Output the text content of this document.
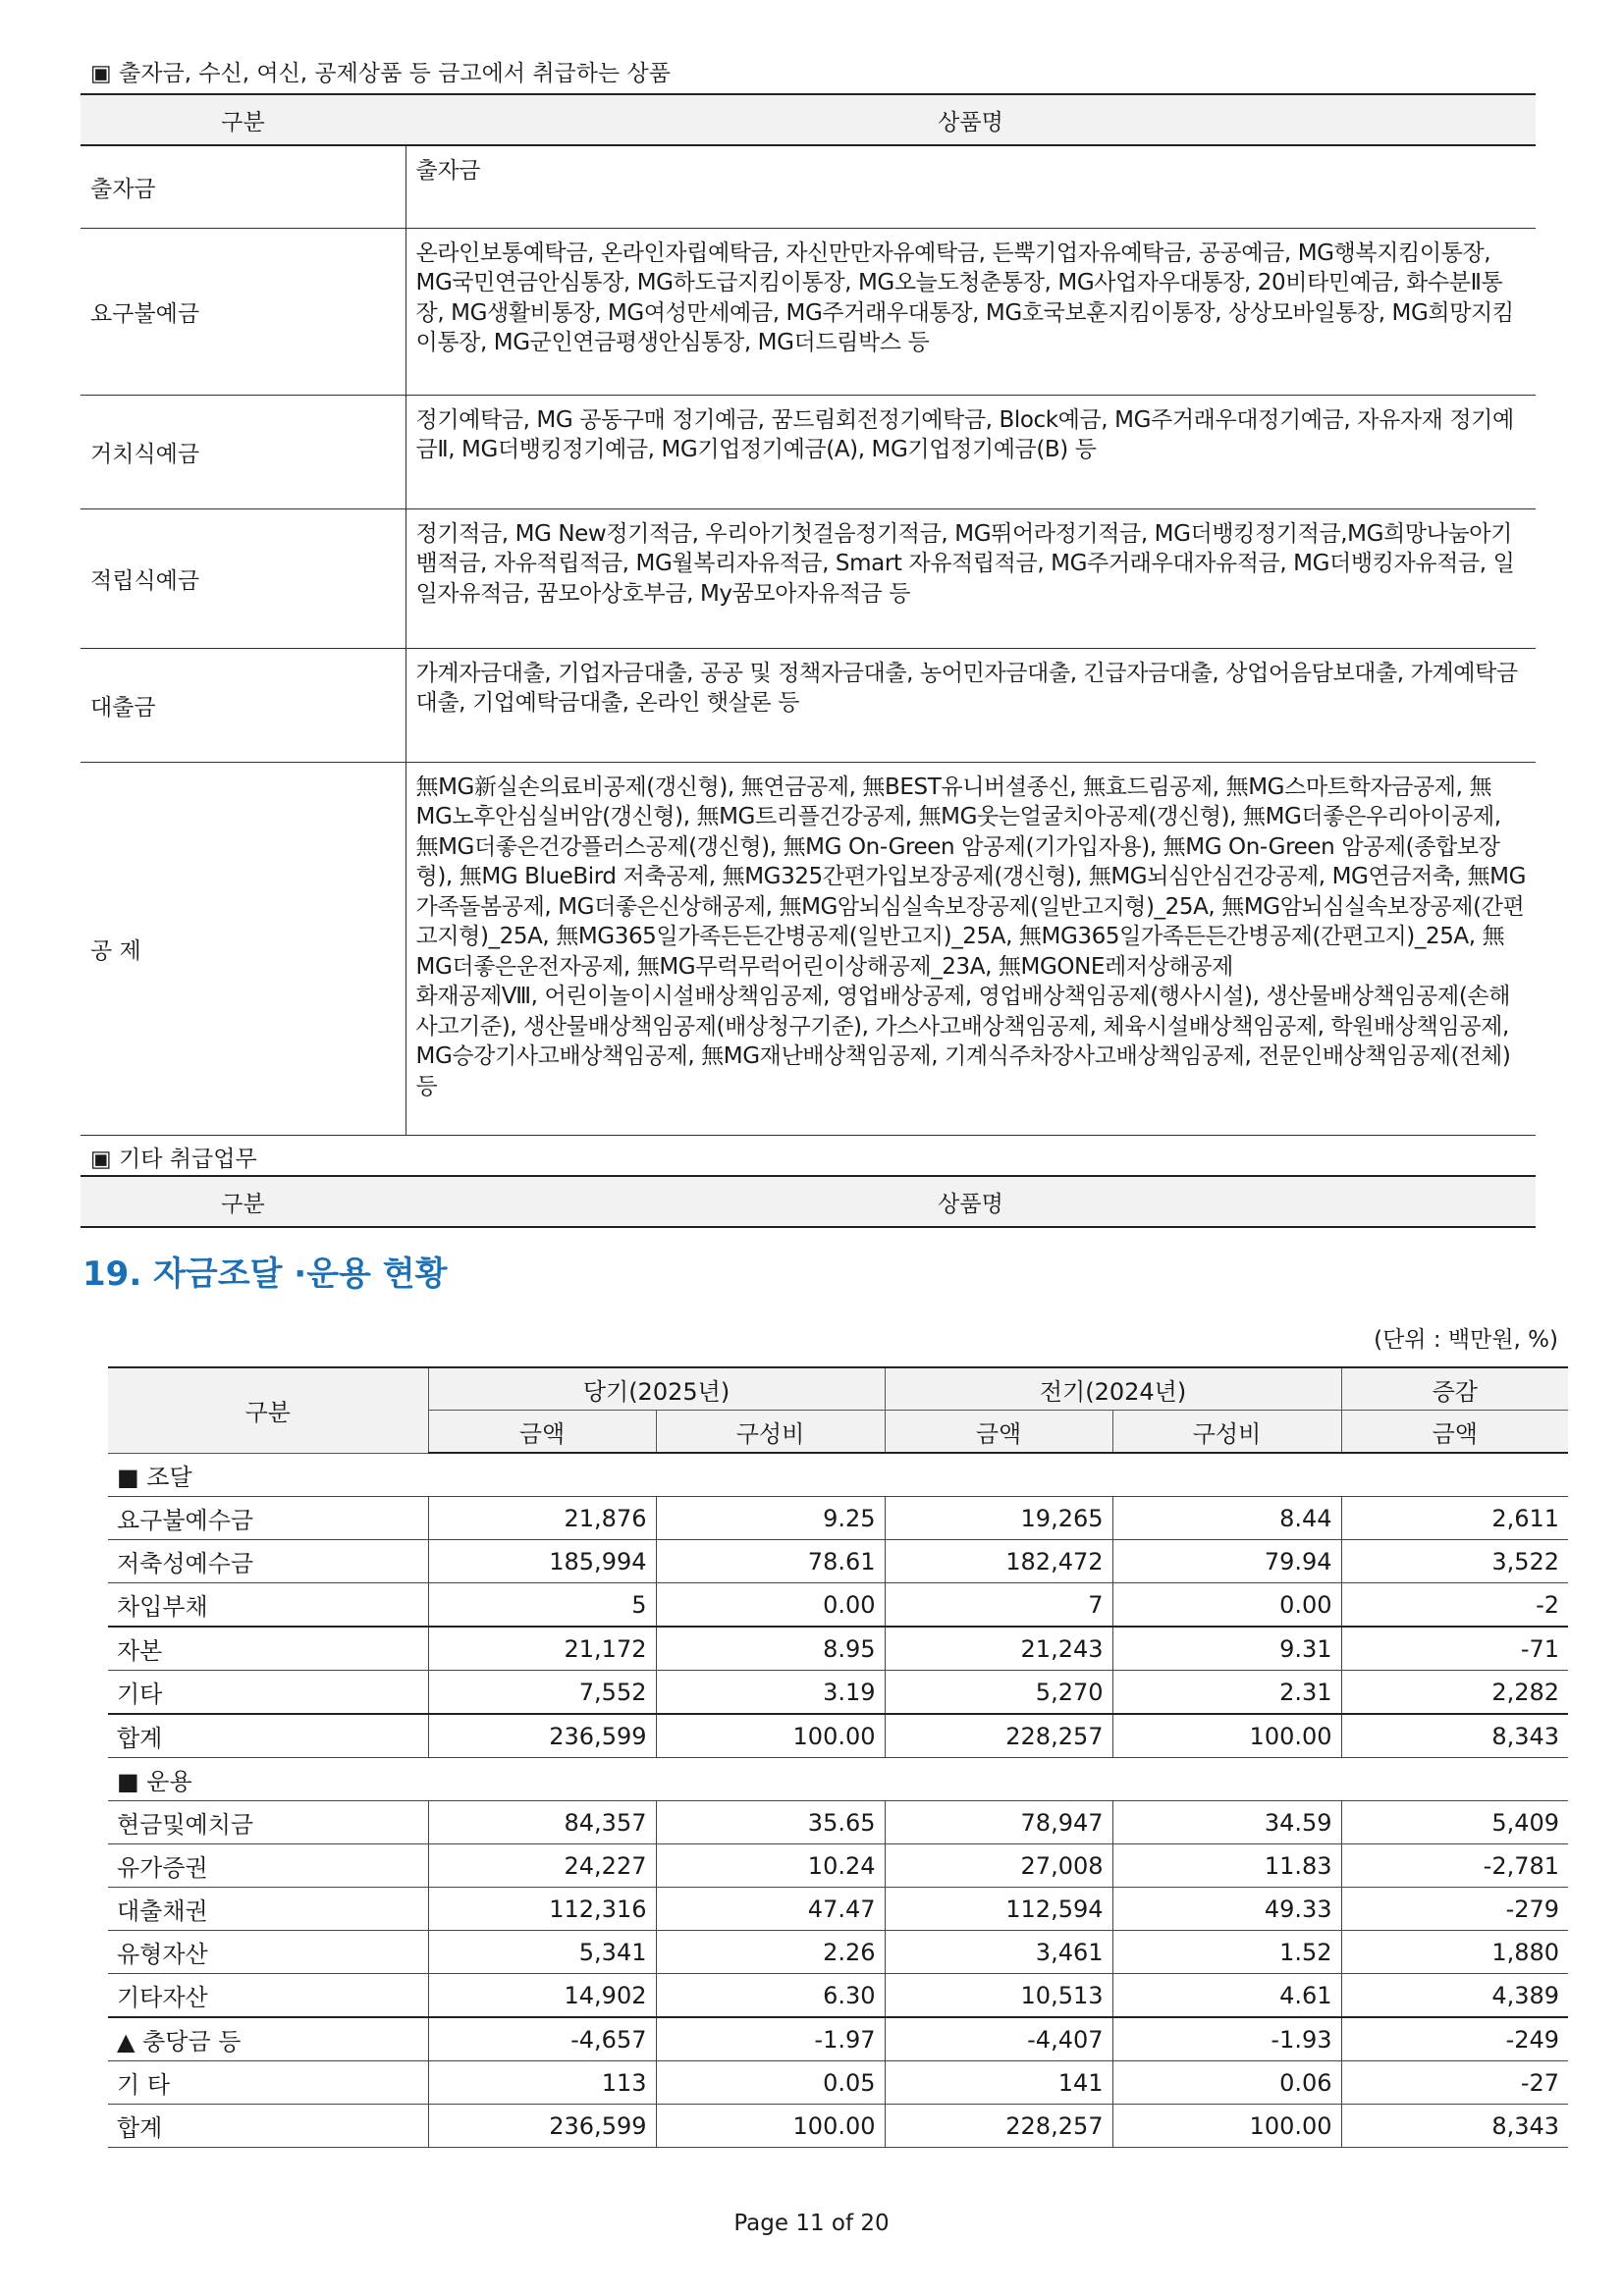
▣ 출자금, 수신, 여신, 공제상품 등 금고에서 취급하는 상품
구분	상품명
출자금	출자금
요구불예금	온라인보통예탁금, 온라인자립예탁금, 자신만만자유예탁금, 든뿍기업자유예탁금, 공공예금, MG행복지킴이통장, MG국민연금안심통장, MG하도급지킴이통장, MG오늘도청춘통장, MG사업자우대통장, 20비타민예금, 화수분Ⅱ통장, MG생활비통장, MG여성만세예금, MG주거래우대통장, MG호국보훈지킴이통장, 상상모바일통장, MG희망지킴이통장, MG군인연금평생안심통장, MG더드림박스 등
거치식예금	정기예탁금, MG 공동구매 정기예금, 꿈드림회전정기예탁금, Block예금, MG주거래우대정기예금, 자유자재 정기예금Ⅱ, MG더뱅킹정기예금, MG기업정기예금(A), MG기업정기예금(B) 등
적립식예금	정기적금, MG New정기적금, 우리아기첫걸음정기적금, MG뛰어라정기적금, MG더뱅킹정기적금,MG희망나눔아기뱀적금, 자유적립적금, MG월복리자유적금, Smart 자유적립적금, MG주거래우대자유적금, MG더뱅킹자유적금, 일일자유적금, 꿈모아상호부금, My꿈모아자유적금 등
대출금	가계자금대출, 기업자금대출, 공공 및 정책자금대출, 농어민자금대출, 긴급자금대출, 상업어음담보대출, 가계예탁금대출, 기업예탁금대출, 온라인 햇살론 등
공 제	無MG新실손의료비공제(갱신형), 無연금공제, 無BEST유니버셜종신, 無효드림공제, 無MG스마트학자금공제, 無MG노후안심실버암(갱신형), 無MG트리플건강공제, 無MG웃는얼굴치아공제(갱신형), 無MG더좋은우리아이공제, 無MG더좋은건강플러스공제(갱신형), 無MG On-Green 암공제(기가입자용), 無MG On-Green 암공제(종합보장형), 無MG BlueBird 저축공제, 無MG325간편가입보장공제(갱신형), 無MG뇌심안심건강공제, MG연금저축, 無MG가족돌봄공제, MG더좋은신상해공제, 無MG암뇌심실속보장공제(일반고지형)_25A, 無MG암뇌심실속보장공제(간편고지형)_25A, 無MG365일가족든든간병공제(일반고지)_25A, 無MG365일가족든든간병공제(간편고지)_25A, 無MG더좋은운전자공제, 無MG무럭무럭어린이상해공제_23A, 無MGONE레저상해공제
화재공제Ⅷ, 어린이놀이시설배상책임공제, 영업배상공제, 영업배상책임공제(행사시설), 생산물배상책임공제(손해사고기준), 생산물배상책임공제(배상청구기준), 가스사고배상책임공제, 체육시설배상책임공제, 학원배상책임공제, MG승강기사고배상책임공제, 無MG재난배상책임공제, 기계식주차장사고배상책임공제, 전문인배상책임공제(전체)등
▣ 기타 취급업무
구분	상품명
19. 자금조달 ·운용 현황
(단위 : 백만원, %)
구분	당기(2025년)		전기(2024년)		증감
	금액	구성비	금액	구성비	금액
■ 조달					
요구불예수금	21,876	9.25	19,265	8.44	2,611
저축성예수금	185,994	78.61	182,472	79.94	3,522
차입부채	5	0.00	7	0.00	-2
자본	21,172	8.95	21,243	9.31	-71
기타	7,552	3.19	5,270	2.31	2,282
합계	236,599	100.00	228,257	100.00	8,343
■ 운용					
현금및예치금	84,357	35.65	78,947	34.59	5,409
유가증권	24,227	10.24	27,008	11.83	-2,781
대출채권	112,316	47.47	112,594	49.33	-279
유형자산	5,341	2.26	3,461	1.52	1,880
기타자산	14,902	6.30	10,513	4.61	4,389
▲ 충당금 등	-4,657	-1.97	-4,407	-1.93	-249
기 타	113	0.05	141	0.06	-27
합계	236,599	100.00	228,257	100.00	8,343
Page 11 of 20
